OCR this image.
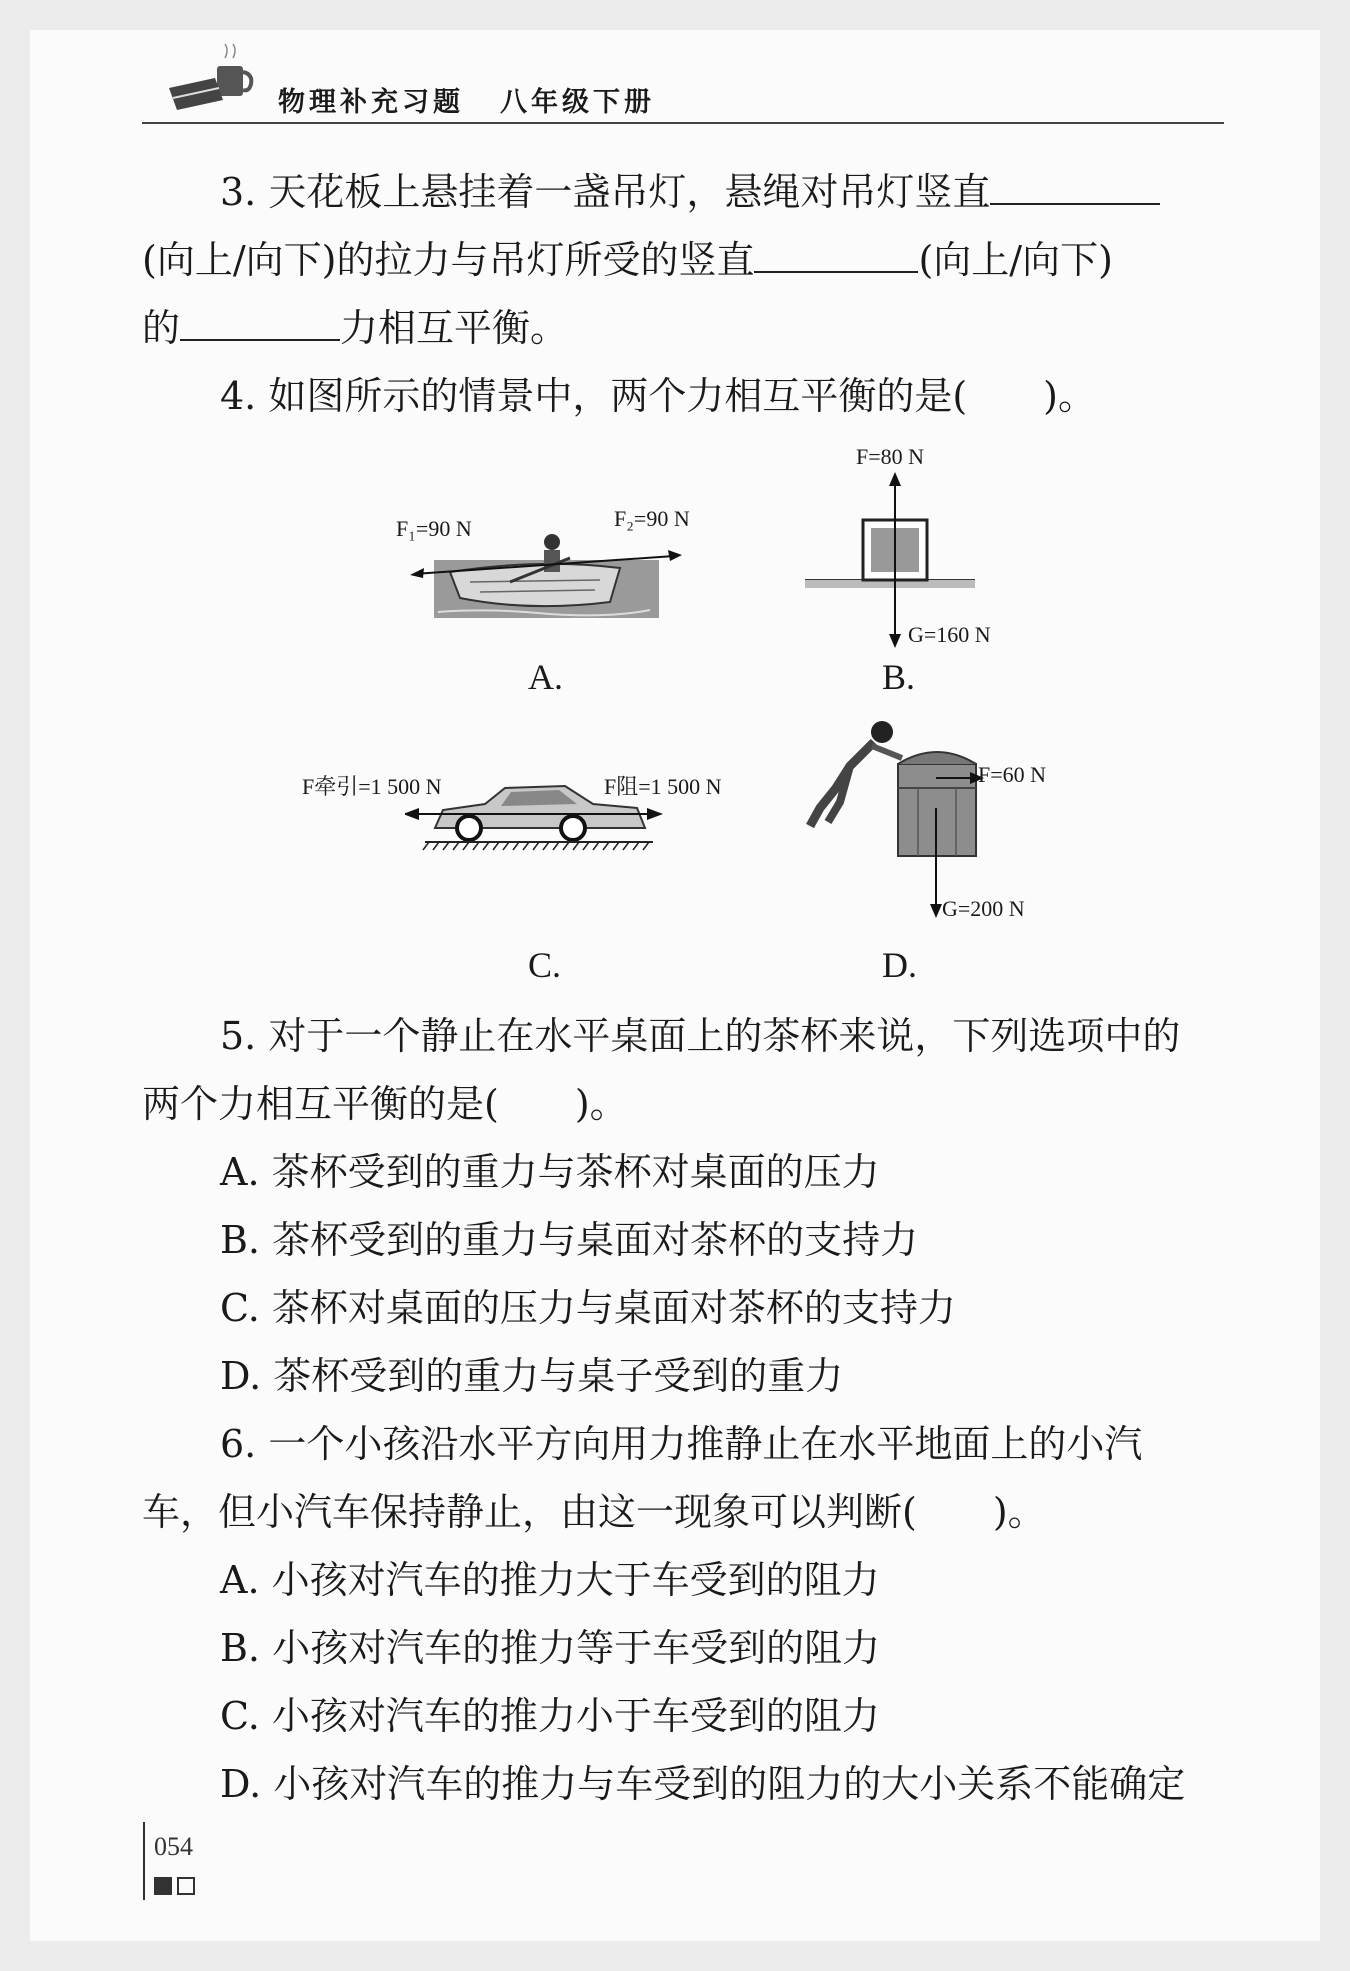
物理补充习题 八年级下册
3. 天花板上悬挂着一盏吊灯，悬绳对吊灯竖直
(向上/向下)的拉力与吊灯所受的竖直	(向上/向下)
的	力相互平衡。
4. 如图所示的情景中，两个力相互平衡的是(　　)。
F₁=90 N	F₂=90 N
A.
F=80 N
G=160 N
B.
F牵引=1 500 N	F阻=1 500 N
C.
F=60 N
G=200 N
D.
5. 对于一个静止在水平桌面上的茶杯来说，下列选项中的
两个力相互平衡的是(　　)。
A. 茶杯受到的重力与茶杯对桌面的压力
B. 茶杯受到的重力与桌面对茶杯的支持力
C. 茶杯对桌面的压力与桌面对茶杯的支持力
D. 茶杯受到的重力与桌子受到的重力
6. 一个小孩沿水平方向用力推静止在水平地面上的小汽
车，但小汽车保持静止，由这一现象可以判断(　　)。
A. 小孩对汽车的推力大于车受到的阻力
B. 小孩对汽车的推力等于车受到的阻力
C. 小孩对汽车的推力小于车受到的阻力
D. 小孩对汽车的推力与车受到的阻力的大小关系不能确定
054
